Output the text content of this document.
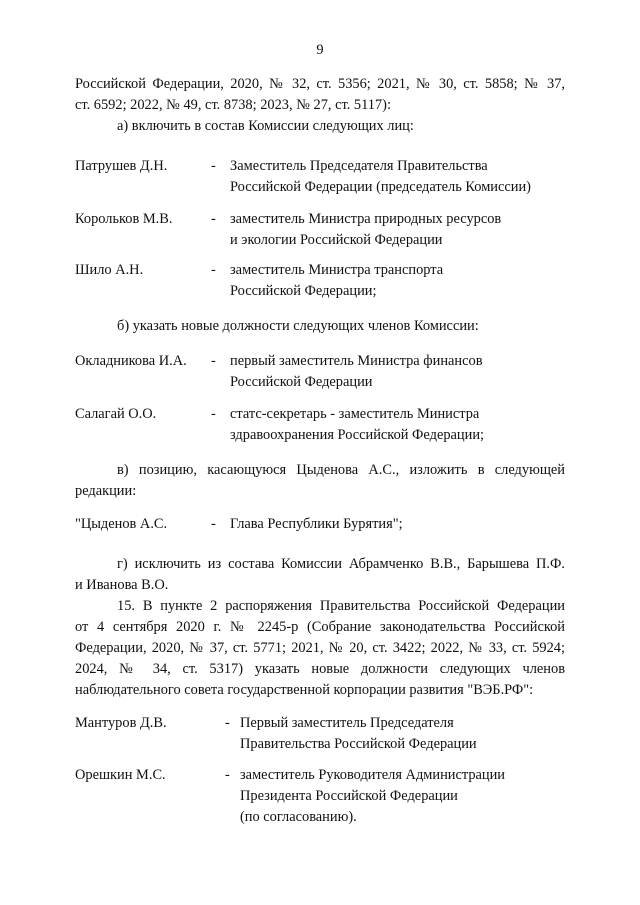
9

Российской Федерации, 2020, № 32, ст. 5356; 2021, № 30, ст. 5858; № 37,

ст. 6592; 2022, № 49, ст. 8738; 2023, № 27, ст. 5117):

а) включить в состав Комиссии следующих лиц:

Патрушев Д.Н.	- Заместитель Председателя Правительства
Российской Федерации (председатель Комиссии)
Корольков М.В.	- заместитель Министра природных ресурсов
и экологии Российской Федерации
Шило А.Н.	- заместитель Министра транспорта
Российской Федерации;

б) указать новые должности следующих членов Комиссии:

Окладникова И.А. - первый заместитель Министра финансов
Российской Федерации
Салагай О.О.	- статс-секретарь - заместитель Министра
здравоохранения Российской Федерации;

в) позицию, касающуюся Цыденова А.С., изложить в следующей

редакции:

"Цыденов А.С.	- Глава Республики Бурятия";

г) исключить из состава Комиссии Абрамченко В.В., Барышева П.Ф.

и Иванова В.О.

15. В пункте 2 распоряжения Правительства Российской Федерации

от 4 сентября 2020 г. № 2245-р (Собрание законодательства Российской

Федерации, 2020, № 37, ст. 5771; 2021, № 20, ст. 3422; 2022, № 33, ст. 5924;

2024, № 34, ст. 5317) указать новые должности следующих членов

наблюдательного совета государственной корпорации развития "ВЭБ.РФ":

Мантуров Д.В.	- Первый заместитель Председателя
Правительства Российской Федерации
Орешкин М.С.	- заместитель Руководителя Администрации
Президента Российской Федерации
(по согласованию).
